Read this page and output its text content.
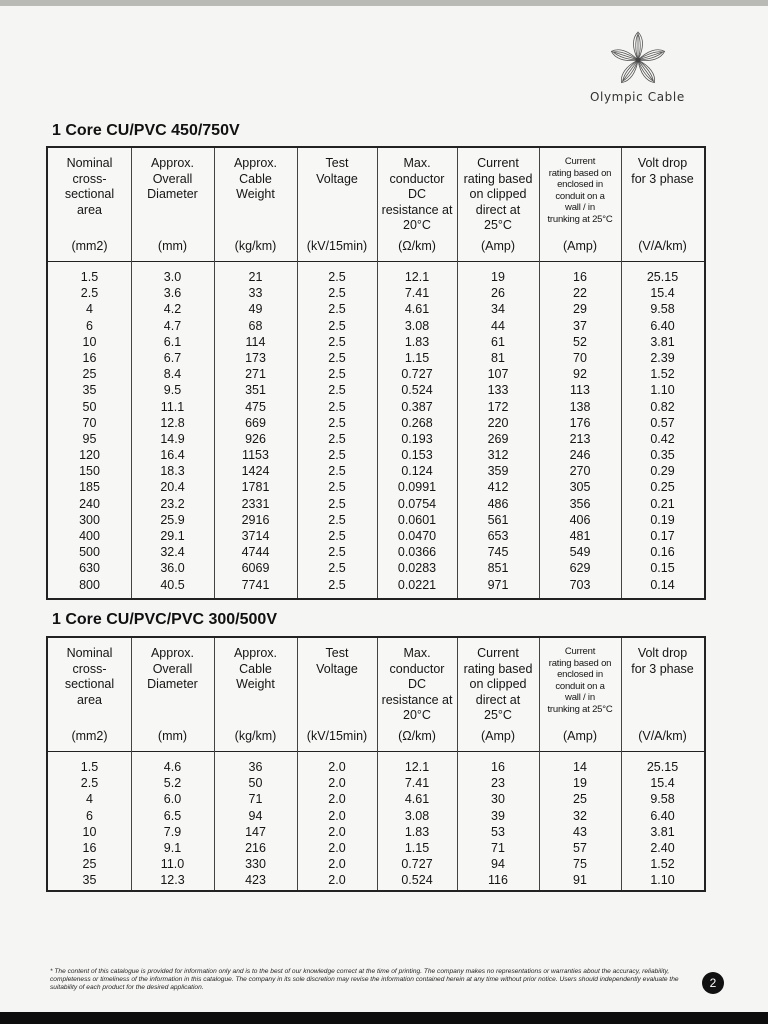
Olympic Cable
1 Core CU/PVC 450/750V
Nominal
cross-
sectional
area
(mm2)
Approx.
Overall
Diameter
(mm)
Approx.
Cable
Weight
(kg/km)
Test
Voltage
(kV/15min)
Max.
conductor
DC
resistance at
20°C
(Ω/km)
Current
rating based
on clipped
direct at
25°C
(Amp)
Current
rating based on
enclosed in
conduit on a
wall / in
trunking at 25°C
(Amp)
Volt drop
for 3 phase
(V/A/km)
1.5	3.0	21	2.5	12.1	19	16	25.15
2.5	3.6	33	2.5	7.41	26	22	15.4
4	4.2	49	2.5	4.61	34	29	9.58
6	4.7	68	2.5	3.08	44	37	6.40
10	6.1	114	2.5	1.83	61	52	3.81
16	6.7	173	2.5	1.15	81	70	2.39
25	8.4	271	2.5	0.727	107	92	1.52
35	9.5	351	2.5	0.524	133	113	1.10
50	11.1	475	2.5	0.387	172	138	0.82
70	12.8	669	2.5	0.268	220	176	0.57
95	14.9	926	2.5	0.193	269	213	0.42
120	16.4	1153	2.5	0.153	312	246	0.35
150	18.3	1424	2.5	0.124	359	270	0.29
185	20.4	1781	2.5	0.0991	412	305	0.25
240	23.2	2331	2.5	0.0754	486	356	0.21
300	25.9	2916	2.5	0.0601	561	406	0.19
400	29.1	3714	2.5	0.0470	653	481	0.17
500	32.4	4744	2.5	0.0366	745	549	0.16
630	36.0	6069	2.5	0.0283	851	629	0.15
800	40.5	7741	2.5	0.0221	971	703	0.14
1 Core CU/PVC/PVC 300/500V
Nominal
cross-
sectional
area
(mm2)
Approx.
Overall
Diameter
(mm)
Approx.
Cable
Weight
(kg/km)
Test
Voltage
(kV/15min)
Max.
conductor
DC
resistance at
20°C
(Ω/km)
Current
rating based
on clipped
direct at
25°C
(Amp)
Current
rating based on
enclosed in
conduit on a
wall / in
trunking at 25°C
(Amp)
Volt drop
for 3 phase
(V/A/km)
1.5	4.6	36	2.0	12.1	16	14	25.15
2.5	5.2	50	2.0	7.41	23	19	15.4
4	6.0	71	2.0	4.61	30	25	9.58
6	6.5	94	2.0	3.08	39	32	6.40
10	7.9	147	2.0	1.83	53	43	3.81
16	9.1	216	2.0	1.15	71	57	2.40
25	11.0	330	2.0	0.727	94	75	1.52
35	12.3	423	2.0	0.524	116	91	1.10
* The content of this catalogue is provided for information only and is to the best of our knowledge correct at the time of printing. The company makes no representations or warranties about the accuracy, reliability, completeness or timeliness of the information in this catalogue. The company in its sole discretion may revise the information contained herein at any time without prior notice. Users should independently evaluate the suitability of each product for the desired application.	2
